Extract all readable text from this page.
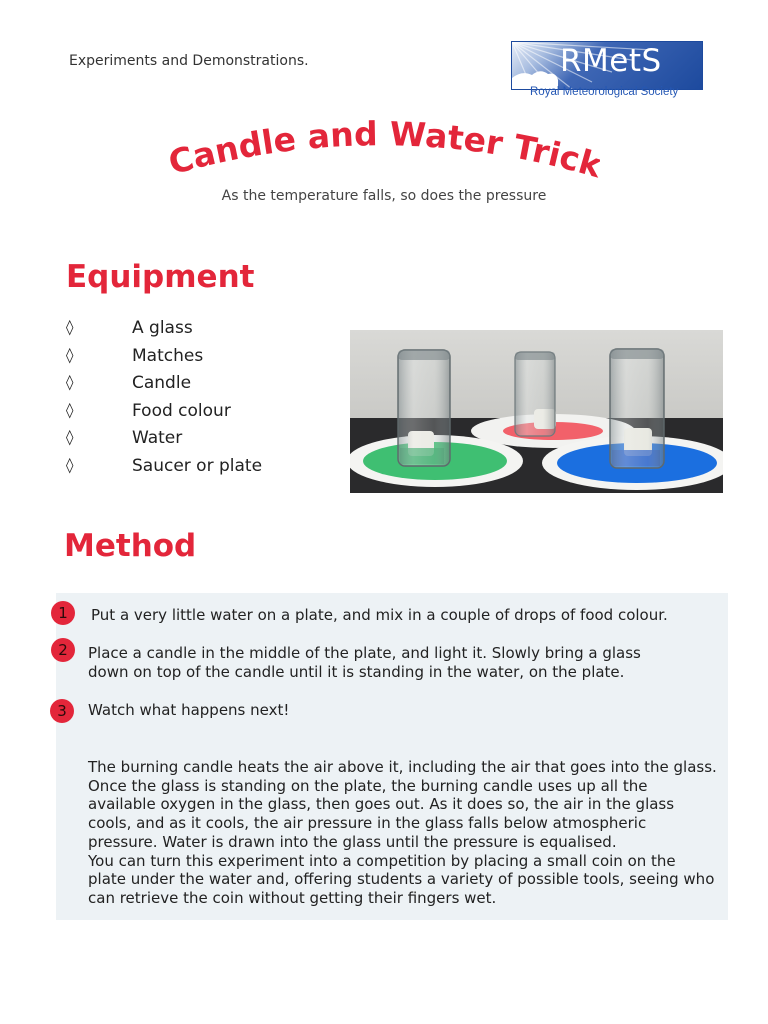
Experiments and Demonstrations.	RMetS
Royal Meteorological Society
andle and Water Tric
As the temperature falls, so does the pressure
Equipment
◊	A glass
◊	Matches
◊	Candle
◊	Food colour
◊	Water
◊	Saucer or plate
Method
1	Put a very little water on a plate, and mix in a couple of drops of food colour.
2	Place a candle in the middle of the plate, and light it. Slowly bring a glass down on top of the candle until it is standing in the water, on the plate.
3	Watch what happens next!

The burning candle heats the air above it, including the air that goes into the glass. Once the glass is standing on the plate, the burning candle uses up all the available oxygen in the glass, then goes out. As it does so, the air in the glass cools, and as it cools, the air pressure in the glass falls below atmospheric pressure. Water is drawn into the glass until the pressure is equalised.

You can turn this experiment into a competition by placing a small coin on the plate under the water and, offering students a variety of possible tools, seeing who can retrieve the coin without getting their fingers wet.
